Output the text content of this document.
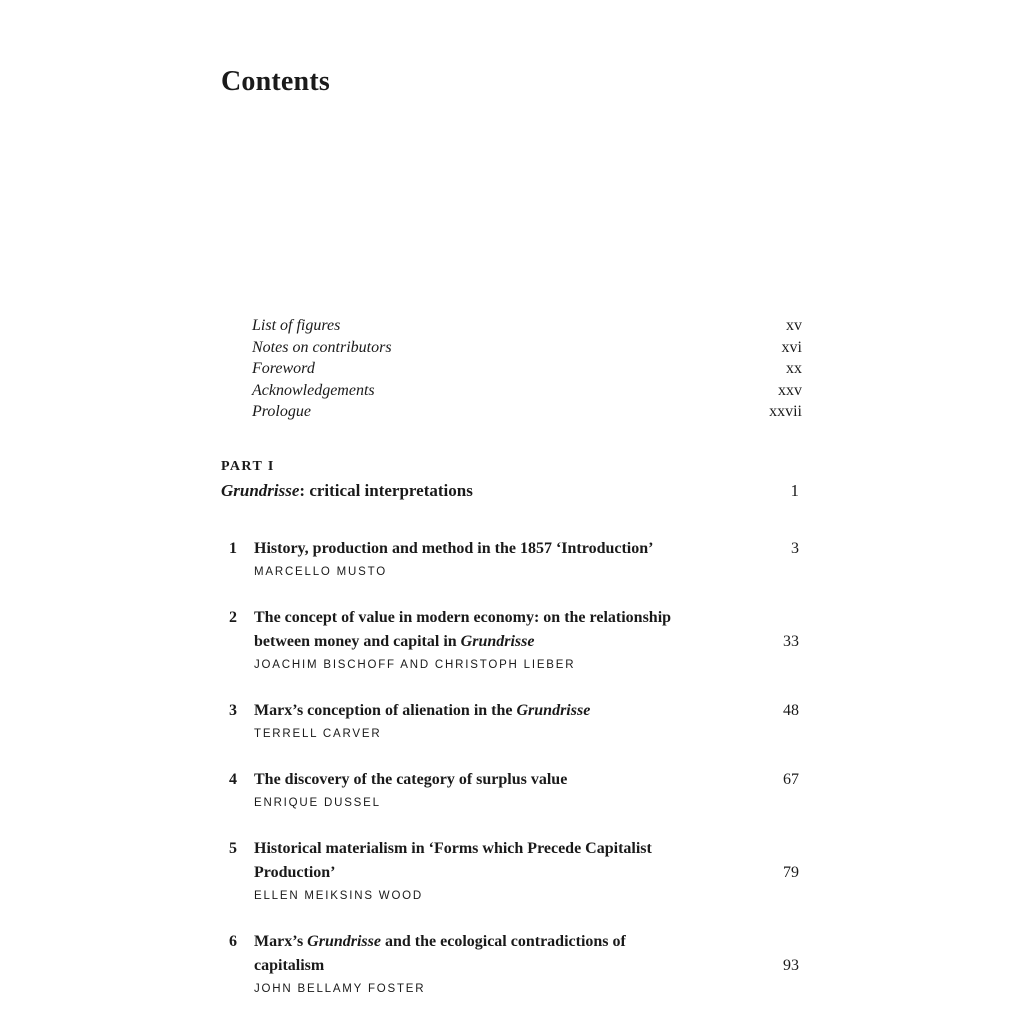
Contents
List of figures	xv
Notes on contributors	xvi
Foreword	xx
Acknowledgements	xxv
Prologue	xxvii
PART I
Grundrisse: critical interpretations	1
1	History, production and method in the 1857 ‘Introduction’	3
MARCELLO MUSTO
2	The concept of value in modern economy: on the relationship
between money and capital in Grundrisse	33
JOACHIM BISCHOFF AND CHRISTOPH LIEBER
3	Marx’s conception of alienation in the Grundrisse	48
TERRELL CARVER
4	The discovery of the category of surplus value	67
ENRIQUE DUSSEL
5	Historical materialism in ‘Forms which Precede Capitalist
Production’	79
ELLEN MEIKSINS WOOD
6	Marx’s Grundrisse and the ecological contradictions of
capitalism	93
JOHN BELLAMY FOSTER
